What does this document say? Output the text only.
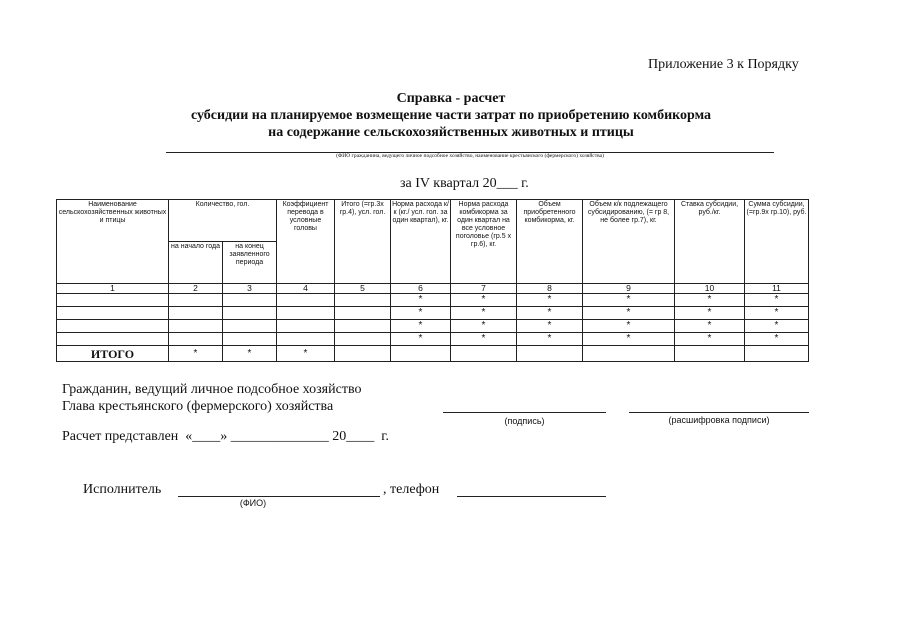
Приложение 3 к Порядку
Справка - расчет
субсидии на планируемое возмещение части затрат по приобретению комбикорма
на содержание сельскохозяйственных животных и птицы
(ФИО гражданина, ведущего личное подсобное хозяйство, наименование крестьянского (фермерского) хозяйства)
за IV квартал 20___ г.
Наименование сельскохозяйственных животных и птицы	Количество, гол.		Коэффициент перевода в условные головы	Итого (=гр.3х гр.4), усл. гол.	Норма расхода к/к (кг./ усл. гол. за один квартал), кг.	Норма расхода комбикорма за один квартал на все условное поголовье (гр.5 х гр.6), кг.	Объем приобретенного комбикорма, кг.	Объем к/к подлежащего субсидированию, (= гр 8, не более гр.7), кг.	Ставка субсидии, руб./кг.	Сумма субсидии, (=гр.9х гр.10), руб.
	на начало года	на конец заявленного периода								
1	2	3	4	5	6	7	8	9	10	11
					*	*	*	*	*	*
					*	*	*	*	*	*
					*	*	*	*	*	*
					*	*	*	*	*	*
ИТОГО	*	*	*							
Гражданин, ведущий личное подсобное хозяйство
Глава крестьянского (фермерского) хозяйства
(подпись)	(расшифровка подписи)
Расчет представлен «____» ______________ 20____ г.
Исполнитель	, телефон
(ФИО)
